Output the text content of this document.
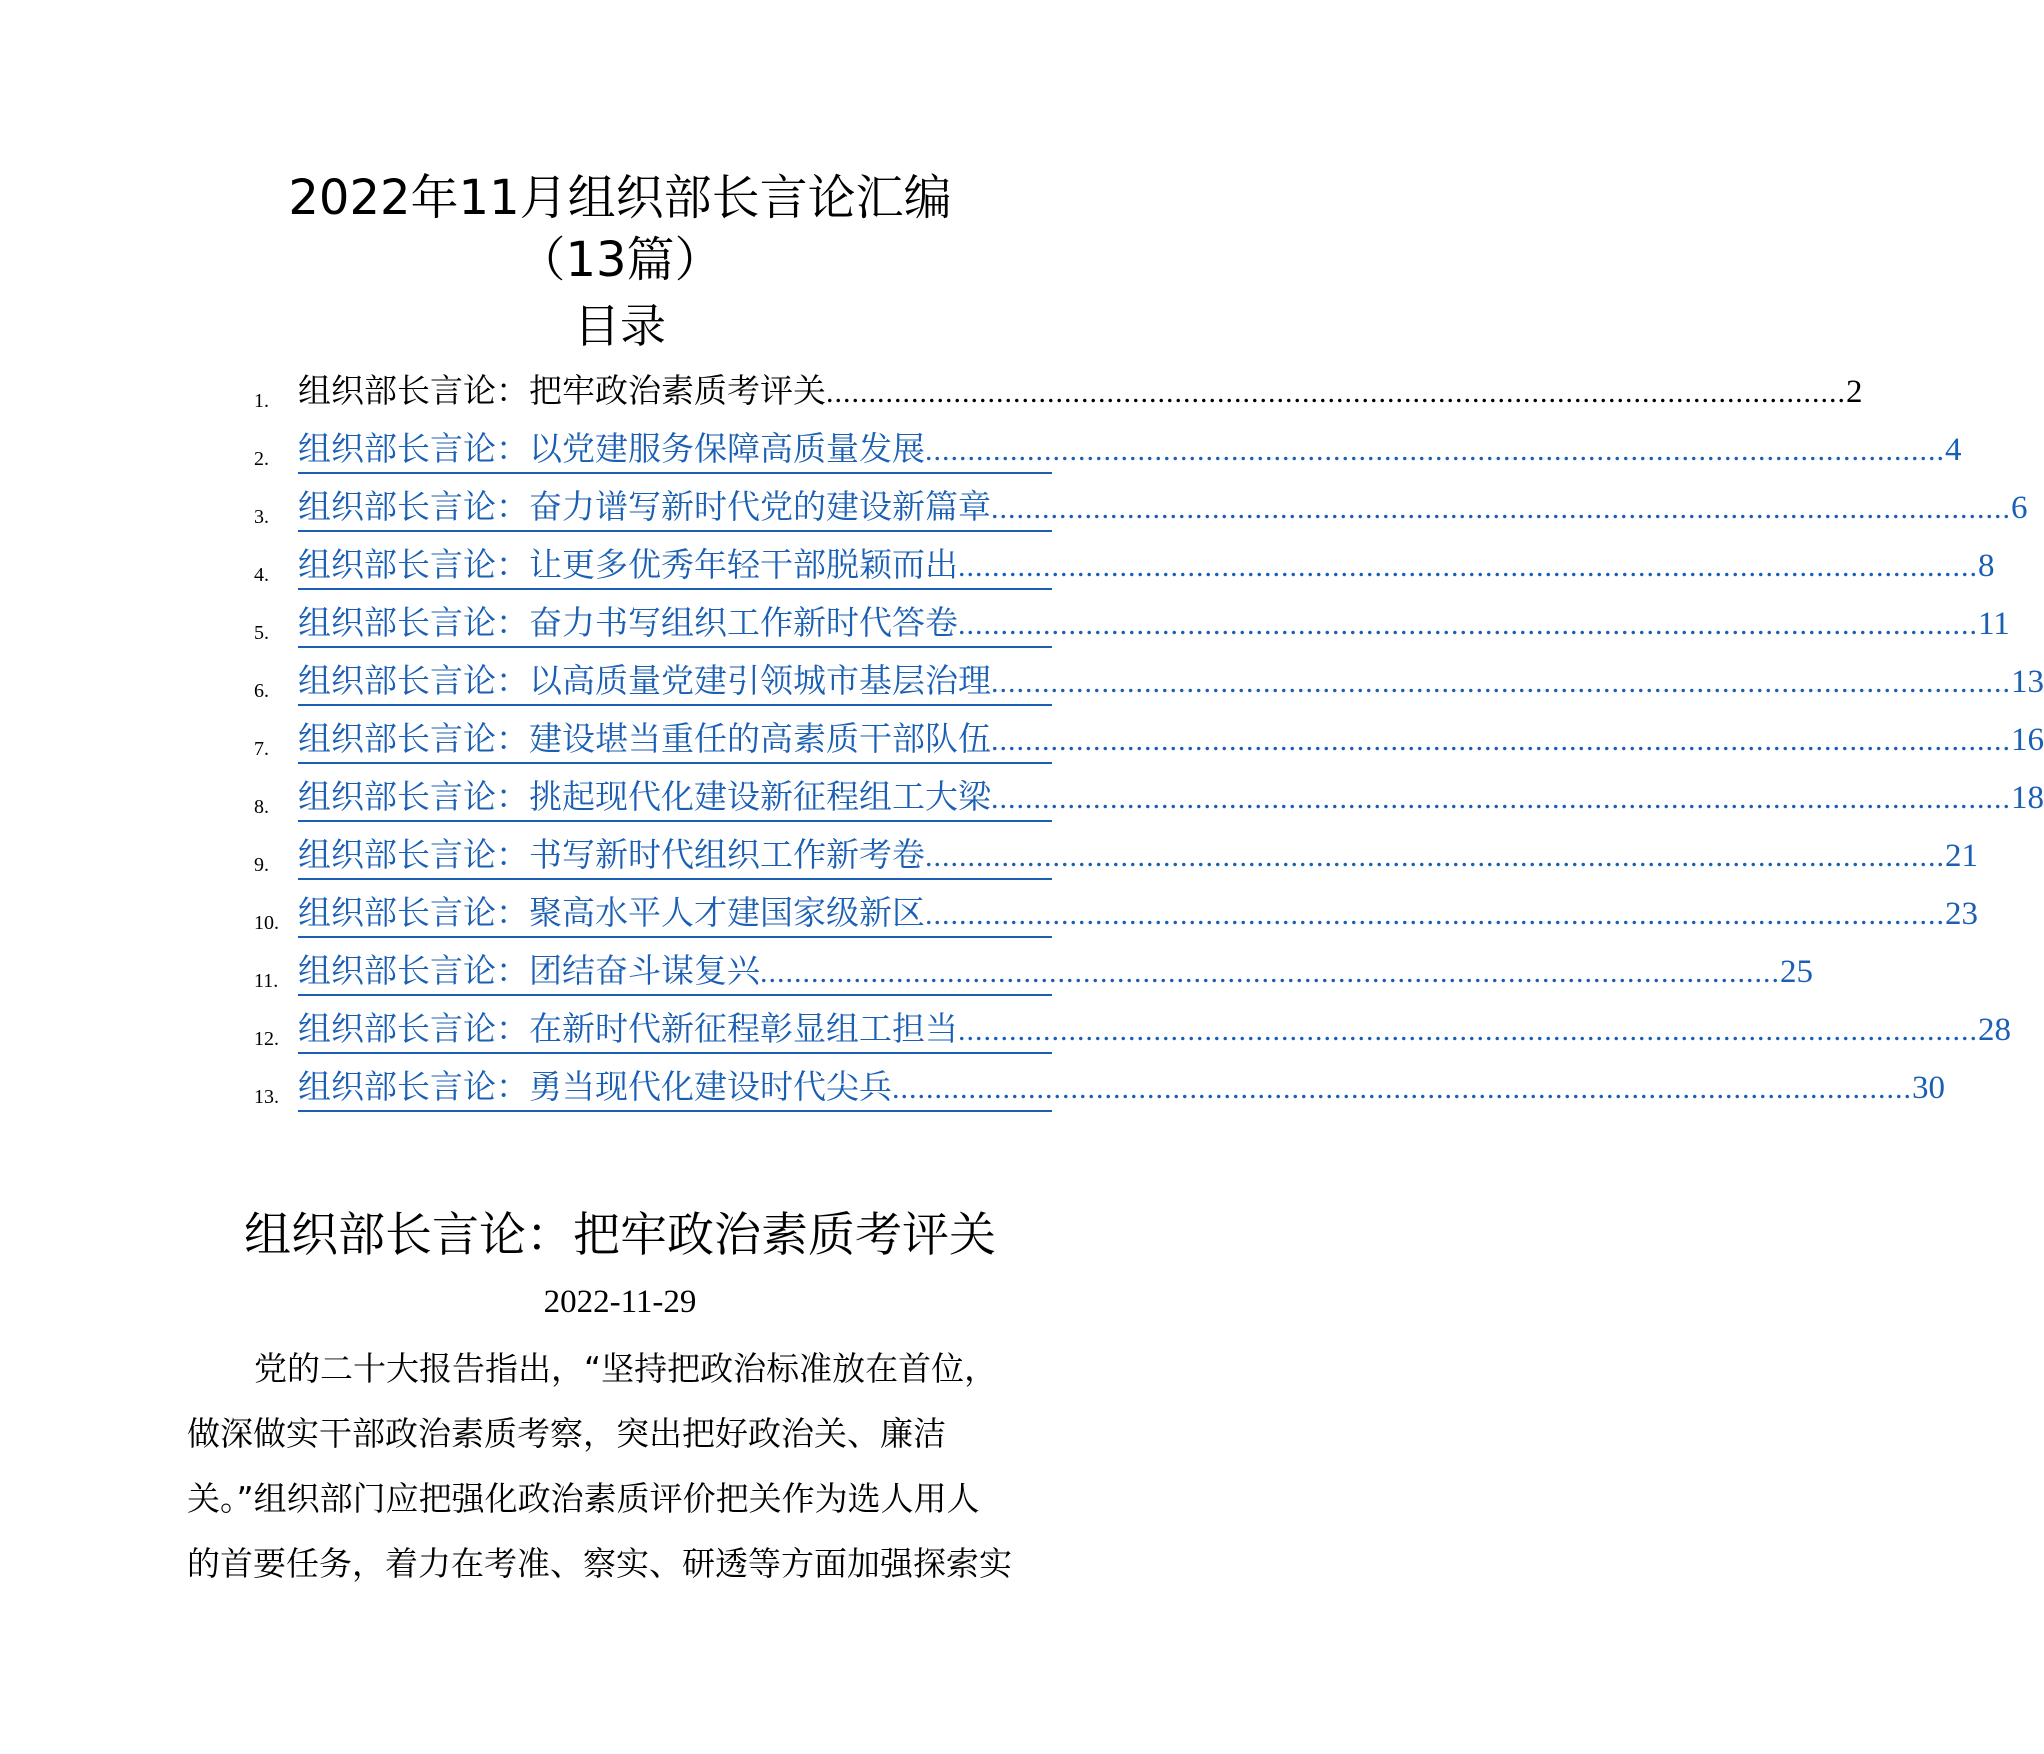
2022年11月组织部长言论汇编
（13篇）
目录
1. 组织部长言论：把牢政治素质考评关 ........................................................................................................................ 2
2. 组织部长言论：以党建服务保障高质量发展 ........................................................................................................................ 4
3. 组织部长言论：奋力谱写新时代党的建设新篇章 ........................................................................................................................ 6
4. 组织部长言论：让更多优秀年轻干部脱颖而出 ........................................................................................................................ 8
5. 组织部长言论：奋力书写组织工作新时代答卷 ........................................................................................................................ 11
6. 组织部长言论：以高质量党建引领城市基层治理 ........................................................................................................................ 13
7. 组织部长言论：建设堪当重任的高素质干部队伍 ........................................................................................................................ 16
8. 组织部长言论：挑起现代化建设新征程组工大梁 ........................................................................................................................ 18
9. 组织部长言论：书写新时代组织工作新考卷 ........................................................................................................................ 21
10. 组织部长言论：聚高水平人才建国家级新区 ........................................................................................................................ 23
11. 组织部长言论：团结奋斗谋复兴 ........................................................................................................................ 25
12. 组织部长言论：在新时代新征程彰显组工担当 ........................................................................................................................ 28
13. 组织部长言论：勇当现代化建设时代尖兵 ........................................................................................................................ 30
组织部长言论：把牢政治素质考评关
2022-11-29
党的二十大报告指出，“坚持把政治标准放在首位，
做深做实干部政治素质考察，突出把好政治关、廉洁
关。”组织部门应把强化政治素质评价把关作为选人用人
的首要任务，着力在考准、察实、研透等方面加强探索实
